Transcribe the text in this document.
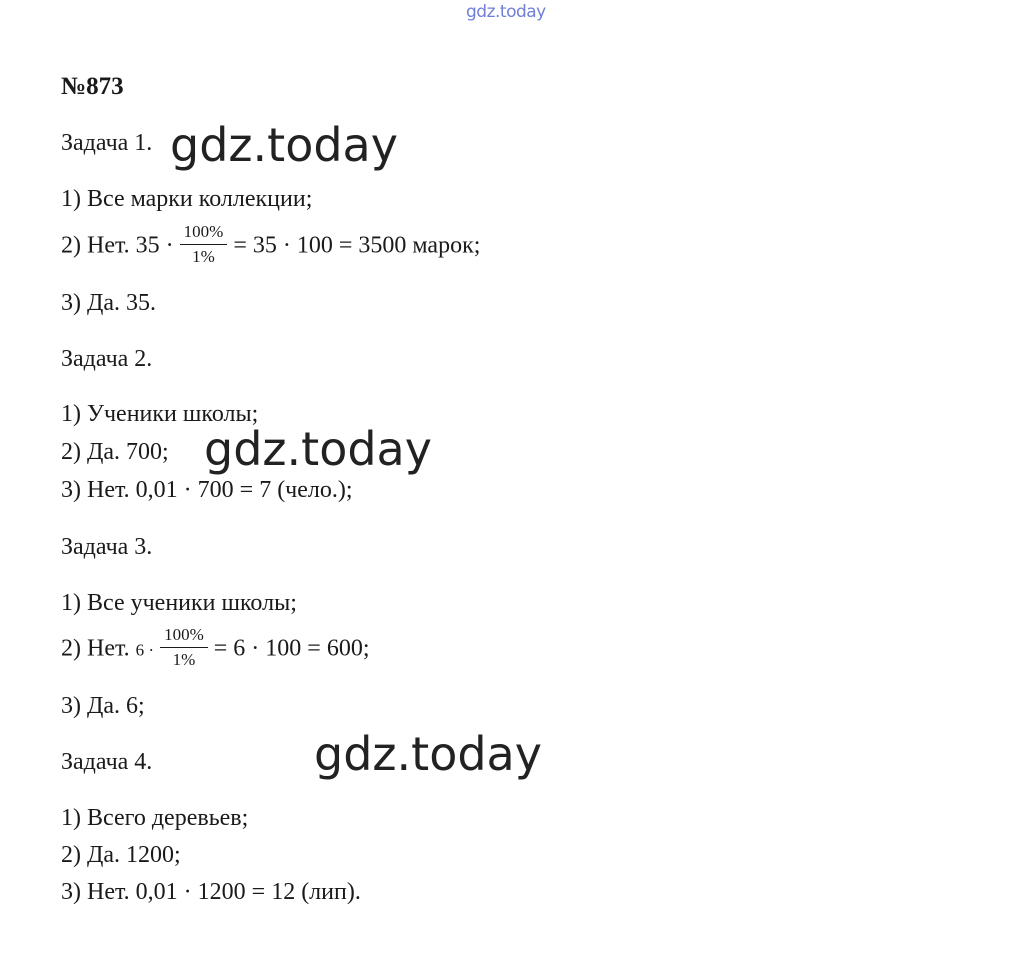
gdz.today
№873
Задача 1.
1) Все марки коллекции;
2) Нет. $35 \cdot \frac{100\%}{1\%} = 35 \cdot 100 = 3500$ марок;
3) Да. 35.
Задача 2.
1) Ученики школы;
2) Да. 700;
3) Нет. 0,01 · 700 = 7 (чело.);
Задача 3.
1) Все ученики школы;
2) Нет. $6 \cdot \frac{100\%}{1\%} = 6 \cdot 100 = 600$;
3) Да. 6;
Задача 4.
1) Всего деревьев;
2) Да. 1200;
3) Нет. 0,01 · 1200 = 12 (лип).
gdz.today
gdz.today
gdz.today
